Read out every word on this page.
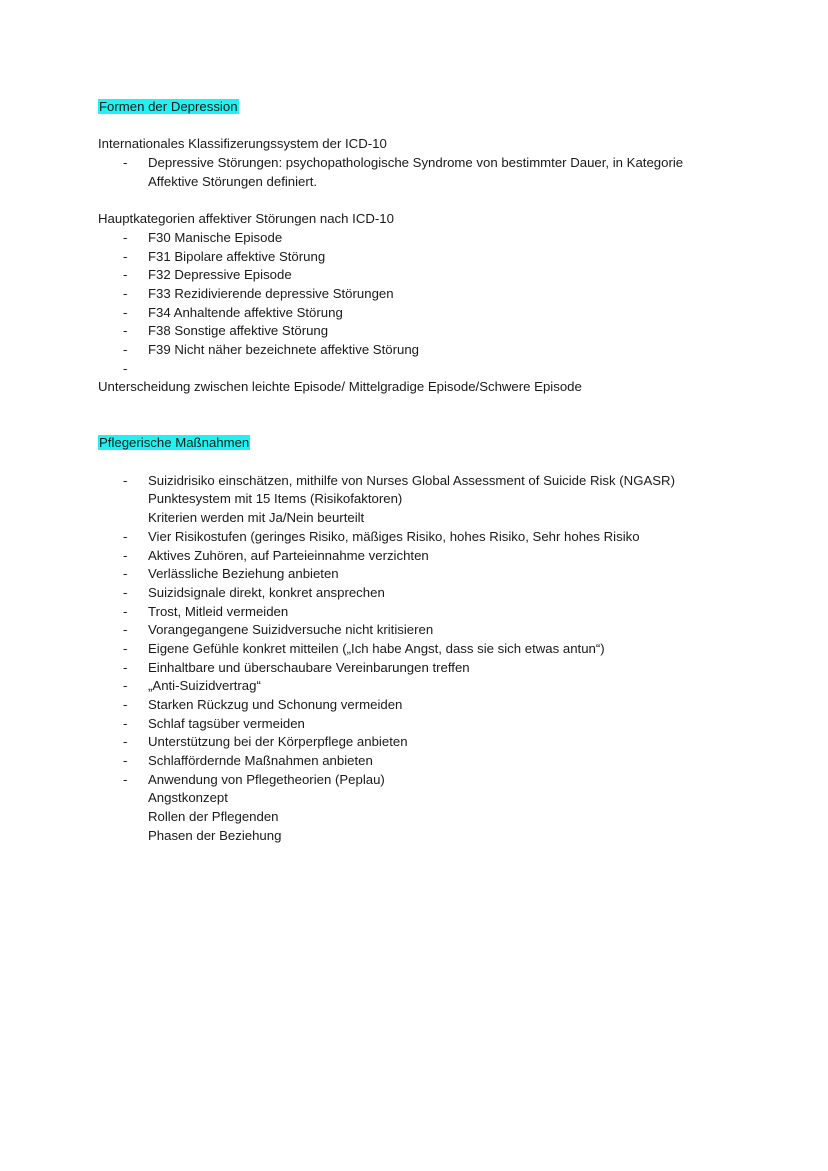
Formen der Depression
Internationales Klassifizerungssystem der ICD-10
- Depressive Störungen: psychopathologische Syndrome von bestimmter Dauer, in Kategorie
Affektive Störungen definiert.
Hauptkategorien affektiver Störungen nach ICD-10
- F30 Manische Episode
- F31 Bipolare affektive Störung
- F32 Depressive Episode
- F33 Rezidivierende depressive Störungen
- F34 Anhaltende affektive Störung
- F38 Sonstige affektive Störung
- F39 Nicht näher bezeichnete affektive Störung
-
Unterscheidung zwischen leichte Episode/ Mittelgradige Episode/Schwere Episode
Pflegerische Maßnahmen
- Suizidrisiko einschätzen, mithilfe von Nurses Global Assessment of Suicide Risk (NGASR)
Punktesystem mit 15 Items (Risikofaktoren)
Kriterien werden mit Ja/Nein beurteilt
- Vier Risikostufen (geringes Risiko, mäßiges Risiko, hohes Risiko, Sehr hohes Risiko
- Aktives Zuhören, auf Parteieinnahme verzichten
- Verlässliche Beziehung anbieten
- Suizidsignale direkt, konkret ansprechen
- Trost, Mitleid vermeiden
- Vorangegangene Suizidversuche nicht kritisieren
- Eigene Gefühle konkret mitteilen („Ich habe Angst, dass sie sich etwas antun“)
- Einhaltbare und überschaubare Vereinbarungen treffen
- „Anti-Suizidvertrag“
- Starken Rückzug und Schonung vermeiden
- Schlaf tagsüber vermeiden
- Unterstützung bei der Körperpflege anbieten
- Schlaffördernde Maßnahmen anbieten
- Anwendung von Pflegetheorien (Peplau)
Angstkonzept
Rollen der Pflegenden
Phasen der Beziehung
